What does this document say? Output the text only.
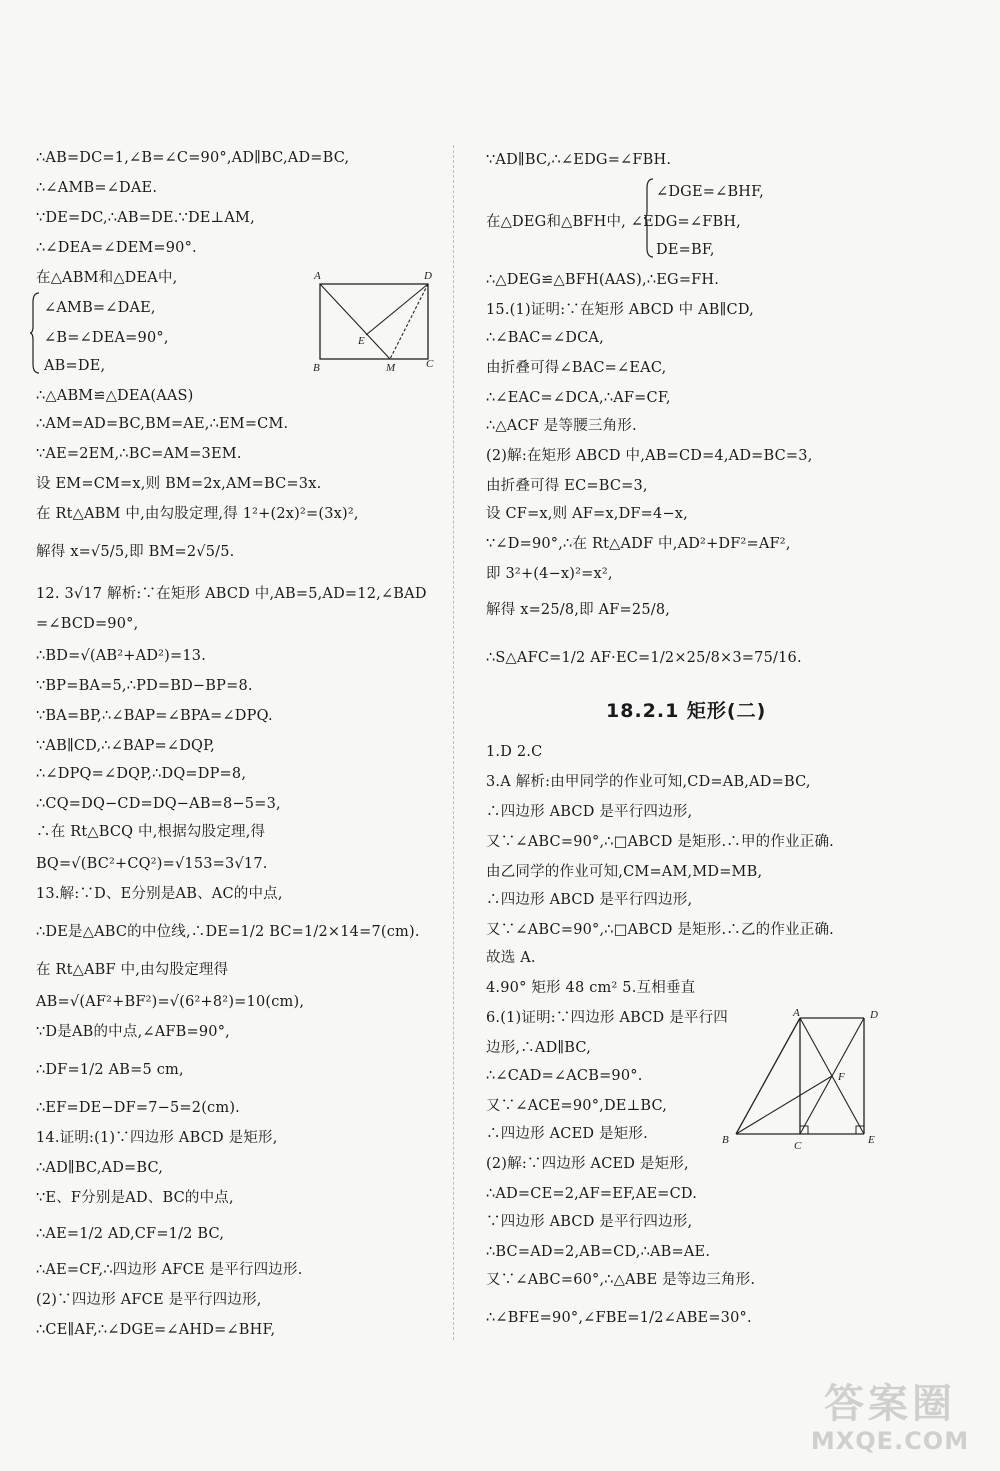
∴AB=DC=1,∠B=∠C=90°,AD∥BC,AD=BC,
∴∠AMB=∠DAE.
∵DE=DC,∴AB=DE.∵DE⊥AM,
∴∠DEA=∠DEM=90°.
在△ABM和△DEA中,
∠AMB=∠DAE,
∠B=∠DEA=90°,
AB=DE,
∴△ABM≌△DEA(AAS)
∴AM=AD=BC,BM=AE,∴EM=CM.
∵AE=2EM,∴BC=AM=3EM.
设 EM=CM=x,则 BM=2x,AM=BC=3x.
在 Rt△ABM 中,由勾股定理,得 1²+(2x)²=(3x)²,
解得 x=√5/5,即 BM=2√5/5.
12. 3√17 解析:∵在矩形 ABCD 中,AB=5,AD=12,∠BAD
=∠BCD=90°,
∴BD=√(AB²+AD²)=13.
∵BP=BA=5,∴PD=BD−BP=8.
∵BA=BP,∴∠BAP=∠BPA=∠DPQ.
∵AB∥CD,∴∠BAP=∠DQP,
∴∠DPQ=∠DQP,∴DQ=DP=8,
∴CQ=DQ−CD=DQ−AB=8−5=3,
∴在 Rt△BCQ 中,根据勾股定理,得
BQ=√(BC²+CQ²)=√153=3√17.
13.解:∵D、E分别是AB、AC的中点,
∴DE是△ABC的中位线,∴DE=1/2 BC=1/2×14=7(cm).
在 Rt△ABF 中,由勾股定理得
AB=√(AF²+BF²)=√(6²+8²)=10(cm),
∵D是AB的中点,∠AFB=90°,
∴DF=1/2 AB=5 cm,
∴EF=DE−DF=7−5=2(cm).
14.证明:(1)∵四边形 ABCD 是矩形,
∴AD∥BC,AD=BC,
∵E、F分别是AD、BC的中点,
∴AE=1/2 AD,CF=1/2 BC,
∴AE=CF,∴四边形 AFCE 是平行四边形.
(2)∵四边形 AFCE 是平行四边形,
∴CE∥AF,∴∠DGE=∠AHD=∠BHF,
18.2.1 矩形(二)
∵AD∥BC,∴∠EDG=∠FBH.
∠DGE=∠BHF,
在△DEG和△BFH中, ∠EDG=∠FBH,
DE=BF,
∴△DEG≌△BFH(AAS),∴EG=FH.
15.(1)证明:∵在矩形 ABCD 中 AB∥CD,
∴∠BAC=∠DCA,
由折叠可得∠BAC=∠EAC,
∴∠EAC=∠DCA,∴AF=CF,
∴△ACF 是等腰三角形.
(2)解:在矩形 ABCD 中,AB=CD=4,AD=BC=3,
由折叠可得 EC=BC=3,
设 CF=x,则 AF=x,DF=4−x,
∵∠D=90°,∴在 Rt△ADF 中,AD²+DF²=AF²,
即 3²+(4−x)²=x²,
解得 x=25/8,即 AF=25/8,
∴S△AFC=1/2 AF·EC=1/2×25/8×3=75/16.
1.D 2.C
3.A 解析:由甲同学的作业可知,CD=AB,AD=BC,
∴四边形 ABCD 是平行四边形,
又∵∠ABC=90°,∴□ABCD 是矩形.∴甲的作业正确.
由乙同学的作业可知,CM=AM,MD=MB,
∴四边形 ABCD 是平行四边形,
又∵∠ABC=90°,∴□ABCD 是矩形.∴乙的作业正确.
故选 A.
4.90° 矩形 48 cm² 5.互相垂直
6.(1)证明:∵四边形 ABCD 是平行四
边形,∴AD∥BC,
∴∠CAD=∠ACB=90°.
又∵∠ACE=90°,DE⊥BC,
∴四边形 ACED 是矩形.
(2)解:∵四边形 ACED 是矩形,
∴AD=CE=2,AF=EF,AE=CD.
∵四边形 ABCD 是平行四边形,
∴BC=AD=2,AB=CD,∴AB=AE.
又∵∠ABC=60°,∴△ABE 是等边三角形.
∴∠BFE=90°,∠FBE=1/2∠ABE=30°.
A	D
B	M	C
E
A	D
B	C	E
F
答案圈
MXQE.COM
